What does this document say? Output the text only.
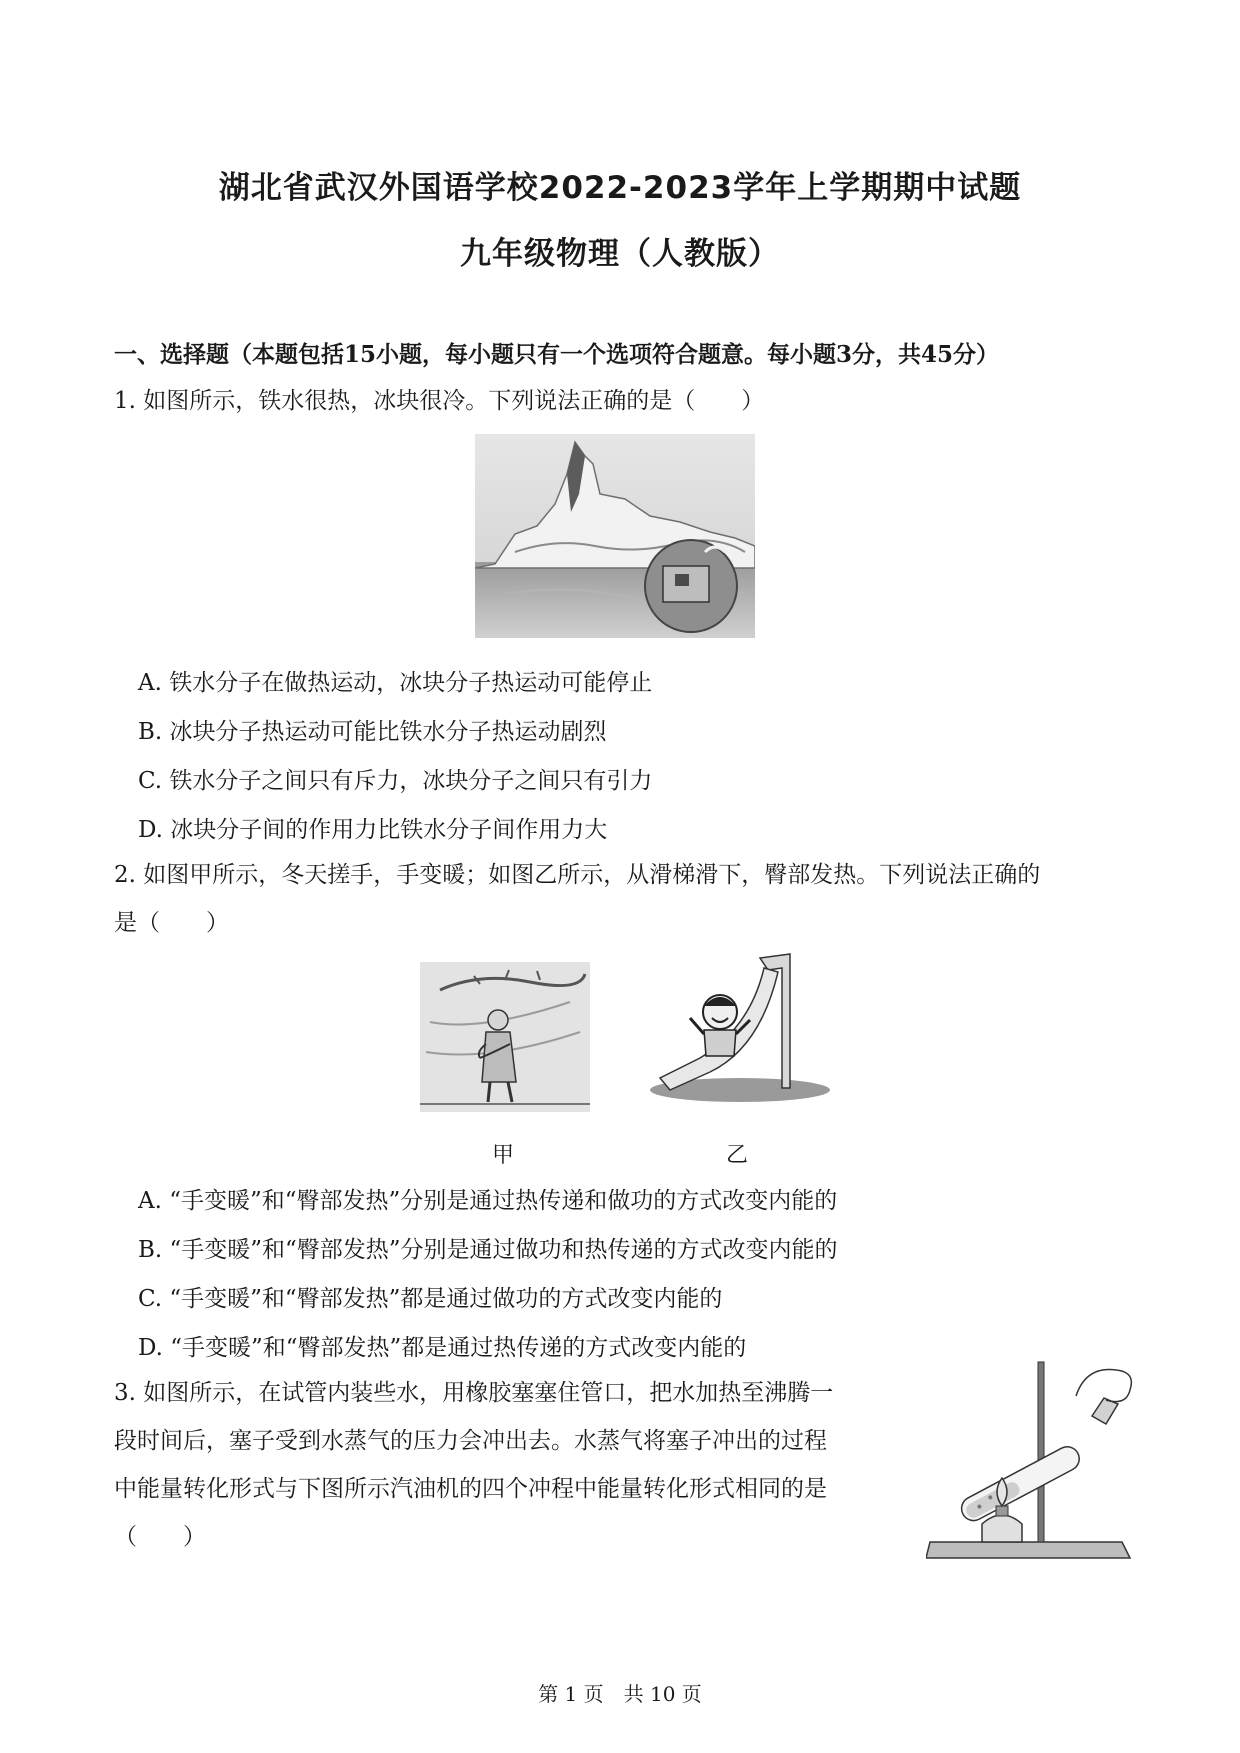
湖北省武汉外国语学校2022-2023学年上学期期中试题
九年级物理（人教版）
一、选择题（本题包括15小题，每小题只有一个选项符合题意。每小题3分，共45分）
1. 如图所示，铁水很热，冰块很冷。下列说法正确的是（　　）
A. 铁水分子在做热运动，冰块分子热运动可能停止
B. 冰块分子热运动可能比铁水分子热运动剧烈
C. 铁水分子之间只有斥力，冰块分子之间只有引力
D. 冰块分子间的作用力比铁水分子间作用力大
2. 如图甲所示，冬天搓手，手变暖；如图乙所示，从滑梯滑下，臀部发热。下列说法正确的
是（　　）
甲	乙
A. “手变暖”和“臀部发热”分别是通过热传递和做功的方式改变内能的
B. “手变暖”和“臀部发热”分别是通过做功和热传递的方式改变内能的
C. “手变暖”和“臀部发热”都是通过做功的方式改变内能的
D. “手变暖”和“臀部发热”都是通过热传递的方式改变内能的
3. 如图所示，在试管内装些水，用橡胶塞塞住管口，把水加热至沸腾一
段时间后，塞子受到水蒸气的压力会冲出去。水蒸气将塞子冲出的过程
中能量转化形式与下图所示汽油机的四个冲程中能量转化形式相同的是
（　　）
第 1 页　共 10 页
